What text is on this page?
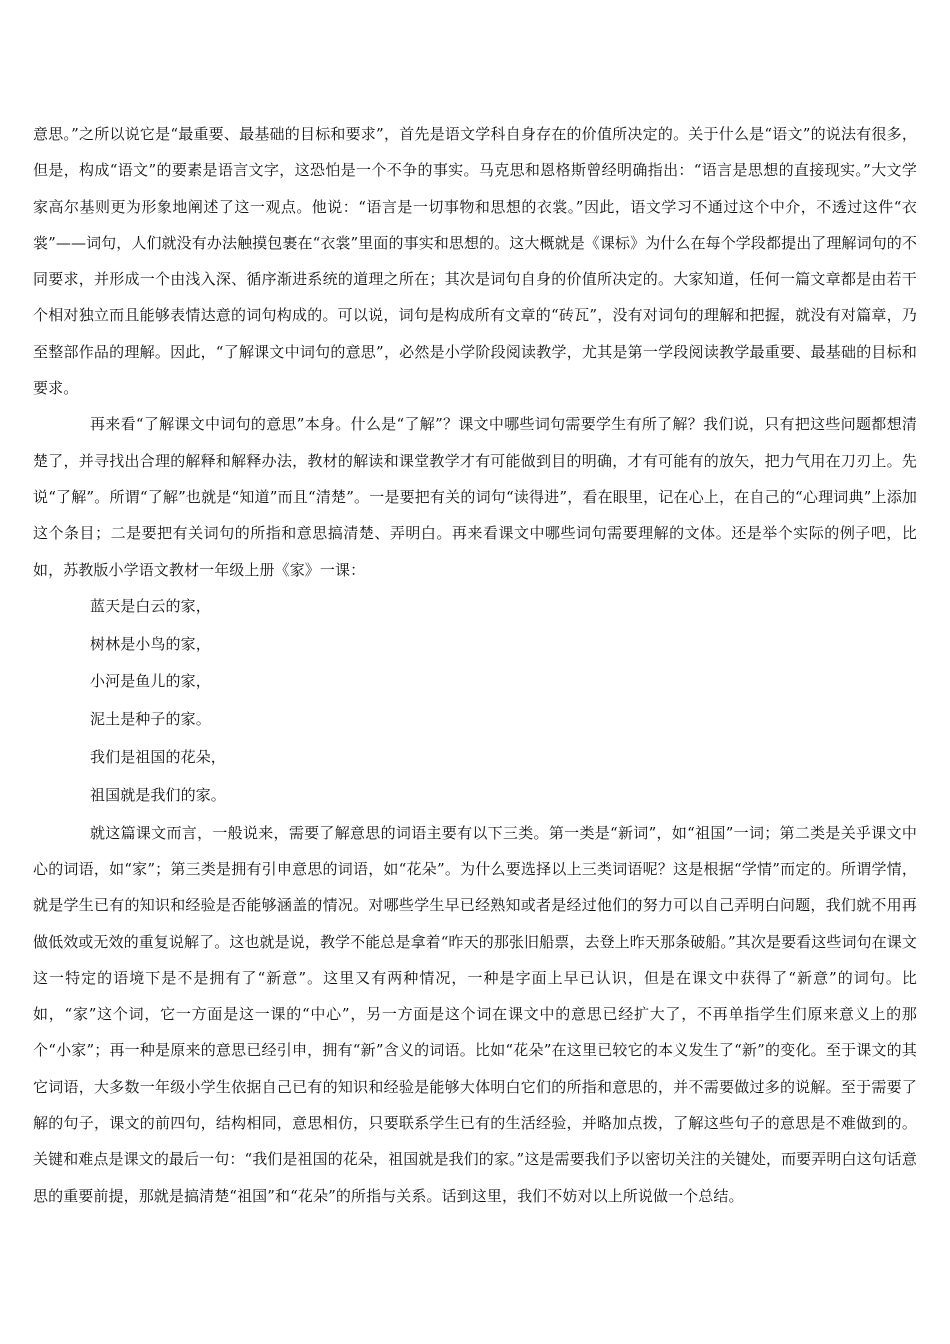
意思。”之所以说它是“最重要、最基础的目标和要求”，首先是语文学科自身存在的价值所决定的。关于什么是“语文”的说法有很多，但是，构成“语文”的要素是语言文字，这恐怕是一个不争的事实。马克思和恩格斯曾经明确指出：“语言是思想的直接现实。”大文学家高尔基则更为形象地阐述了这一观点。他说：“语言是一切事物和思想的衣裳。”因此，语文学习不通过这个中介，不透过这件“衣裳”——词句，人们就没有办法触摸包裹在“衣裳”里面的事实和思想的。这大概就是《课标》为什么在每个学段都提出了理解词句的不同要求，并形成一个由浅入深、循序渐进系统的道理之所在；其次是词句自身的价值所决定的。大家知道，任何一篇文章都是由若干个相对独立而且能够表情达意的词句构成的。可以说，词句是构成所有文章的“砖瓦”，没有对词句的理解和把握，就没有对篇章，乃至整部作品的理解。因此，“了解课文中词句的意思”，必然是小学阶段阅读教学，尤其是第一学段阅读教学最重要、最基础的目标和要求。

再来看“了解课文中词句的意思”本身。什么是“了解”？课文中哪些词句需要学生有所了解？我们说，只有把这些问题都想清楚了，并寻找出合理的解释和解释办法，教材的解读和课堂教学才有可能做到目的明确，才有可能有的放矢，把力气用在刀刃上。先说“了解”。所谓“了解”也就是“知道”而且“清楚”。一是要把有关的词句“读得进”，看在眼里，记在心上，在自己的“心理词典”上添加这个条目；二是要把有关词句的所指和意思搞清楚、弄明白。再来看课文中哪些词句需要理解的文体。还是举个实际的例子吧，比如，苏教版小学语文教材一年级上册《家》一课：

蓝天是白云的家，
树林是小鸟的家，
小河是鱼儿的家，
泥土是种子的家。
我们是祖国的花朵，
祖国就是我们的家。

就这篇课文而言，一般说来，需要了解意思的词语主要有以下三类。第一类是“新词”，如“祖国”一词；第二类是关乎课文中心的词语，如“家”；第三类是拥有引申意思的词语，如“花朵”。为什么要选择以上三类词语呢？这是根据“学情”而定的。所谓学情，就是学生已有的知识和经验是否能够涵盖的情况。对哪些学生早已经熟知或者是经过他们的努力可以自己弄明白问题，我们就不用再做低效或无效的重复说解了。这也就是说，教学不能总是拿着“昨天的那张旧船票，去登上昨天那条破船。”其次是要看这些词句在课文这一特定的语境下是不是拥有了“新意”。这里又有两种情况，一种是字面上早已认识，但是在课文中获得了“新意”的词句。比如，“家”这个词，它一方面是这一课的“中心”，另一方面是这个词在课文中的意思已经扩大了，不再单指学生们原来意义上的那个“小家”；再一种是原来的意思已经引申，拥有“新”含义的词语。比如“花朵”在这里已较它的本义发生了“新”的变化。至于课文的其它词语，大多数一年级小学生依据自己已有的知识和经验是能够大体明白它们的所指和意思的，并不需要做过多的说解。至于需要了解的句子，课文的前四句，结构相同，意思相仿，只要联系学生已有的生活经验，并略加点拨，了解这些句子的意思是不难做到的。关键和难点是课文的最后一句：“我们是祖国的花朵，祖国就是我们的家。”这是需要我们予以密切关注的关键处，而要弄明白这句话意思的重要前提，那就是搞清楚“祖国”和“花朵”的所指与关系。话到这里，我们不妨对以上所说做一个总结。
